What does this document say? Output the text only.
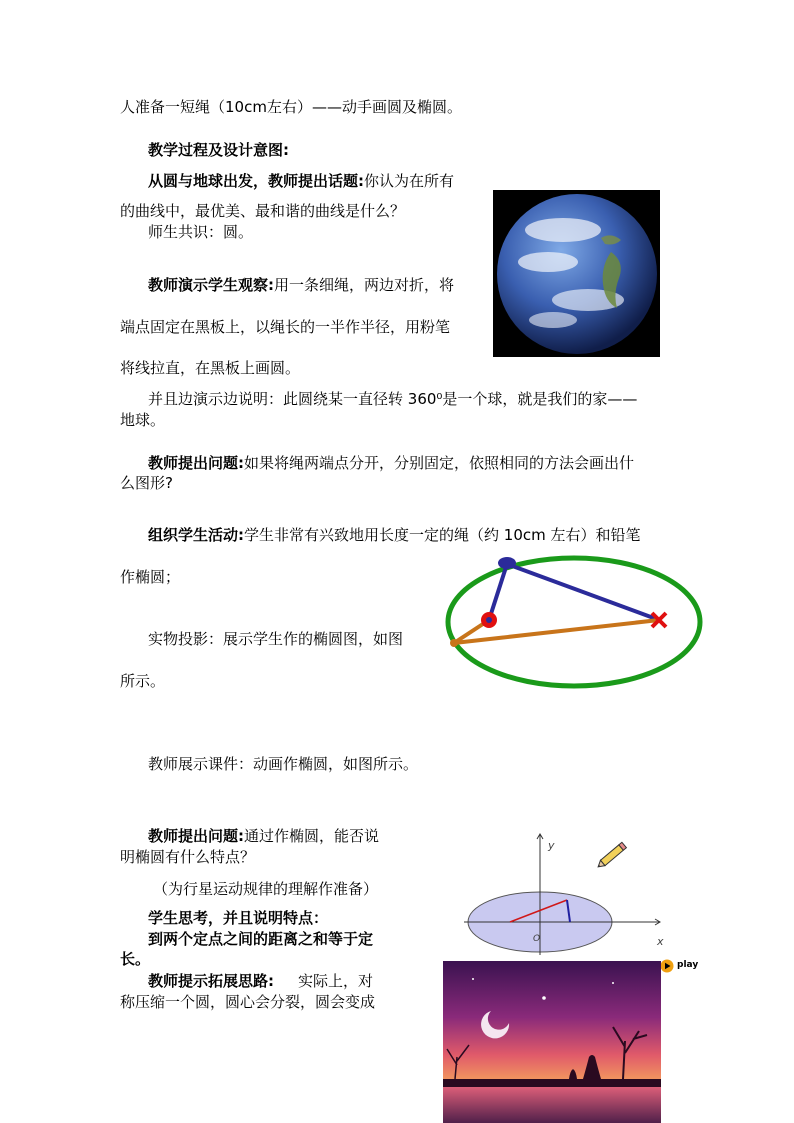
人准备一短绳（10cm左右）——动手画圆及椭圆。
教学过程及设计意图:
从圆与地球出发，教师提出话题:你认为在所有
的曲线中，最优美、最和谐的曲线是什么？
师生共识：圆。
教师演示学生观察:用一条细绳，两边对折，将
端点固定在黑板上，以绳长的一半作半径，用粉笔
将线拉直，在黑板上画圆。
并且边演示边说明：此圆绕某一直径转 360⁰是一个球，就是我们的家——
地球。
教师提出问题:如果将绳两端点分开，分别固定，依照相同的方法会画出什
么图形?
组织学生活动:学生非常有兴致地用长度一定的绳（约 10cm 左右）和铅笔
作椭圆；
实物投影：展示学生作的椭圆图，如图
所示。
教师展示课件：动画作椭圆，如图所示。
教师提出问题:通过作椭圆，能否说
明椭圆有什么特点？
（为行星运动规律的理解作准备）
学生思考，并且说明特点：
到两个定点之间的距离之和等于定
长。
教师提示拓展思路: 实际上，对
称压缩一个圆，圆心会分裂，圆会变成
y
x
O
play
